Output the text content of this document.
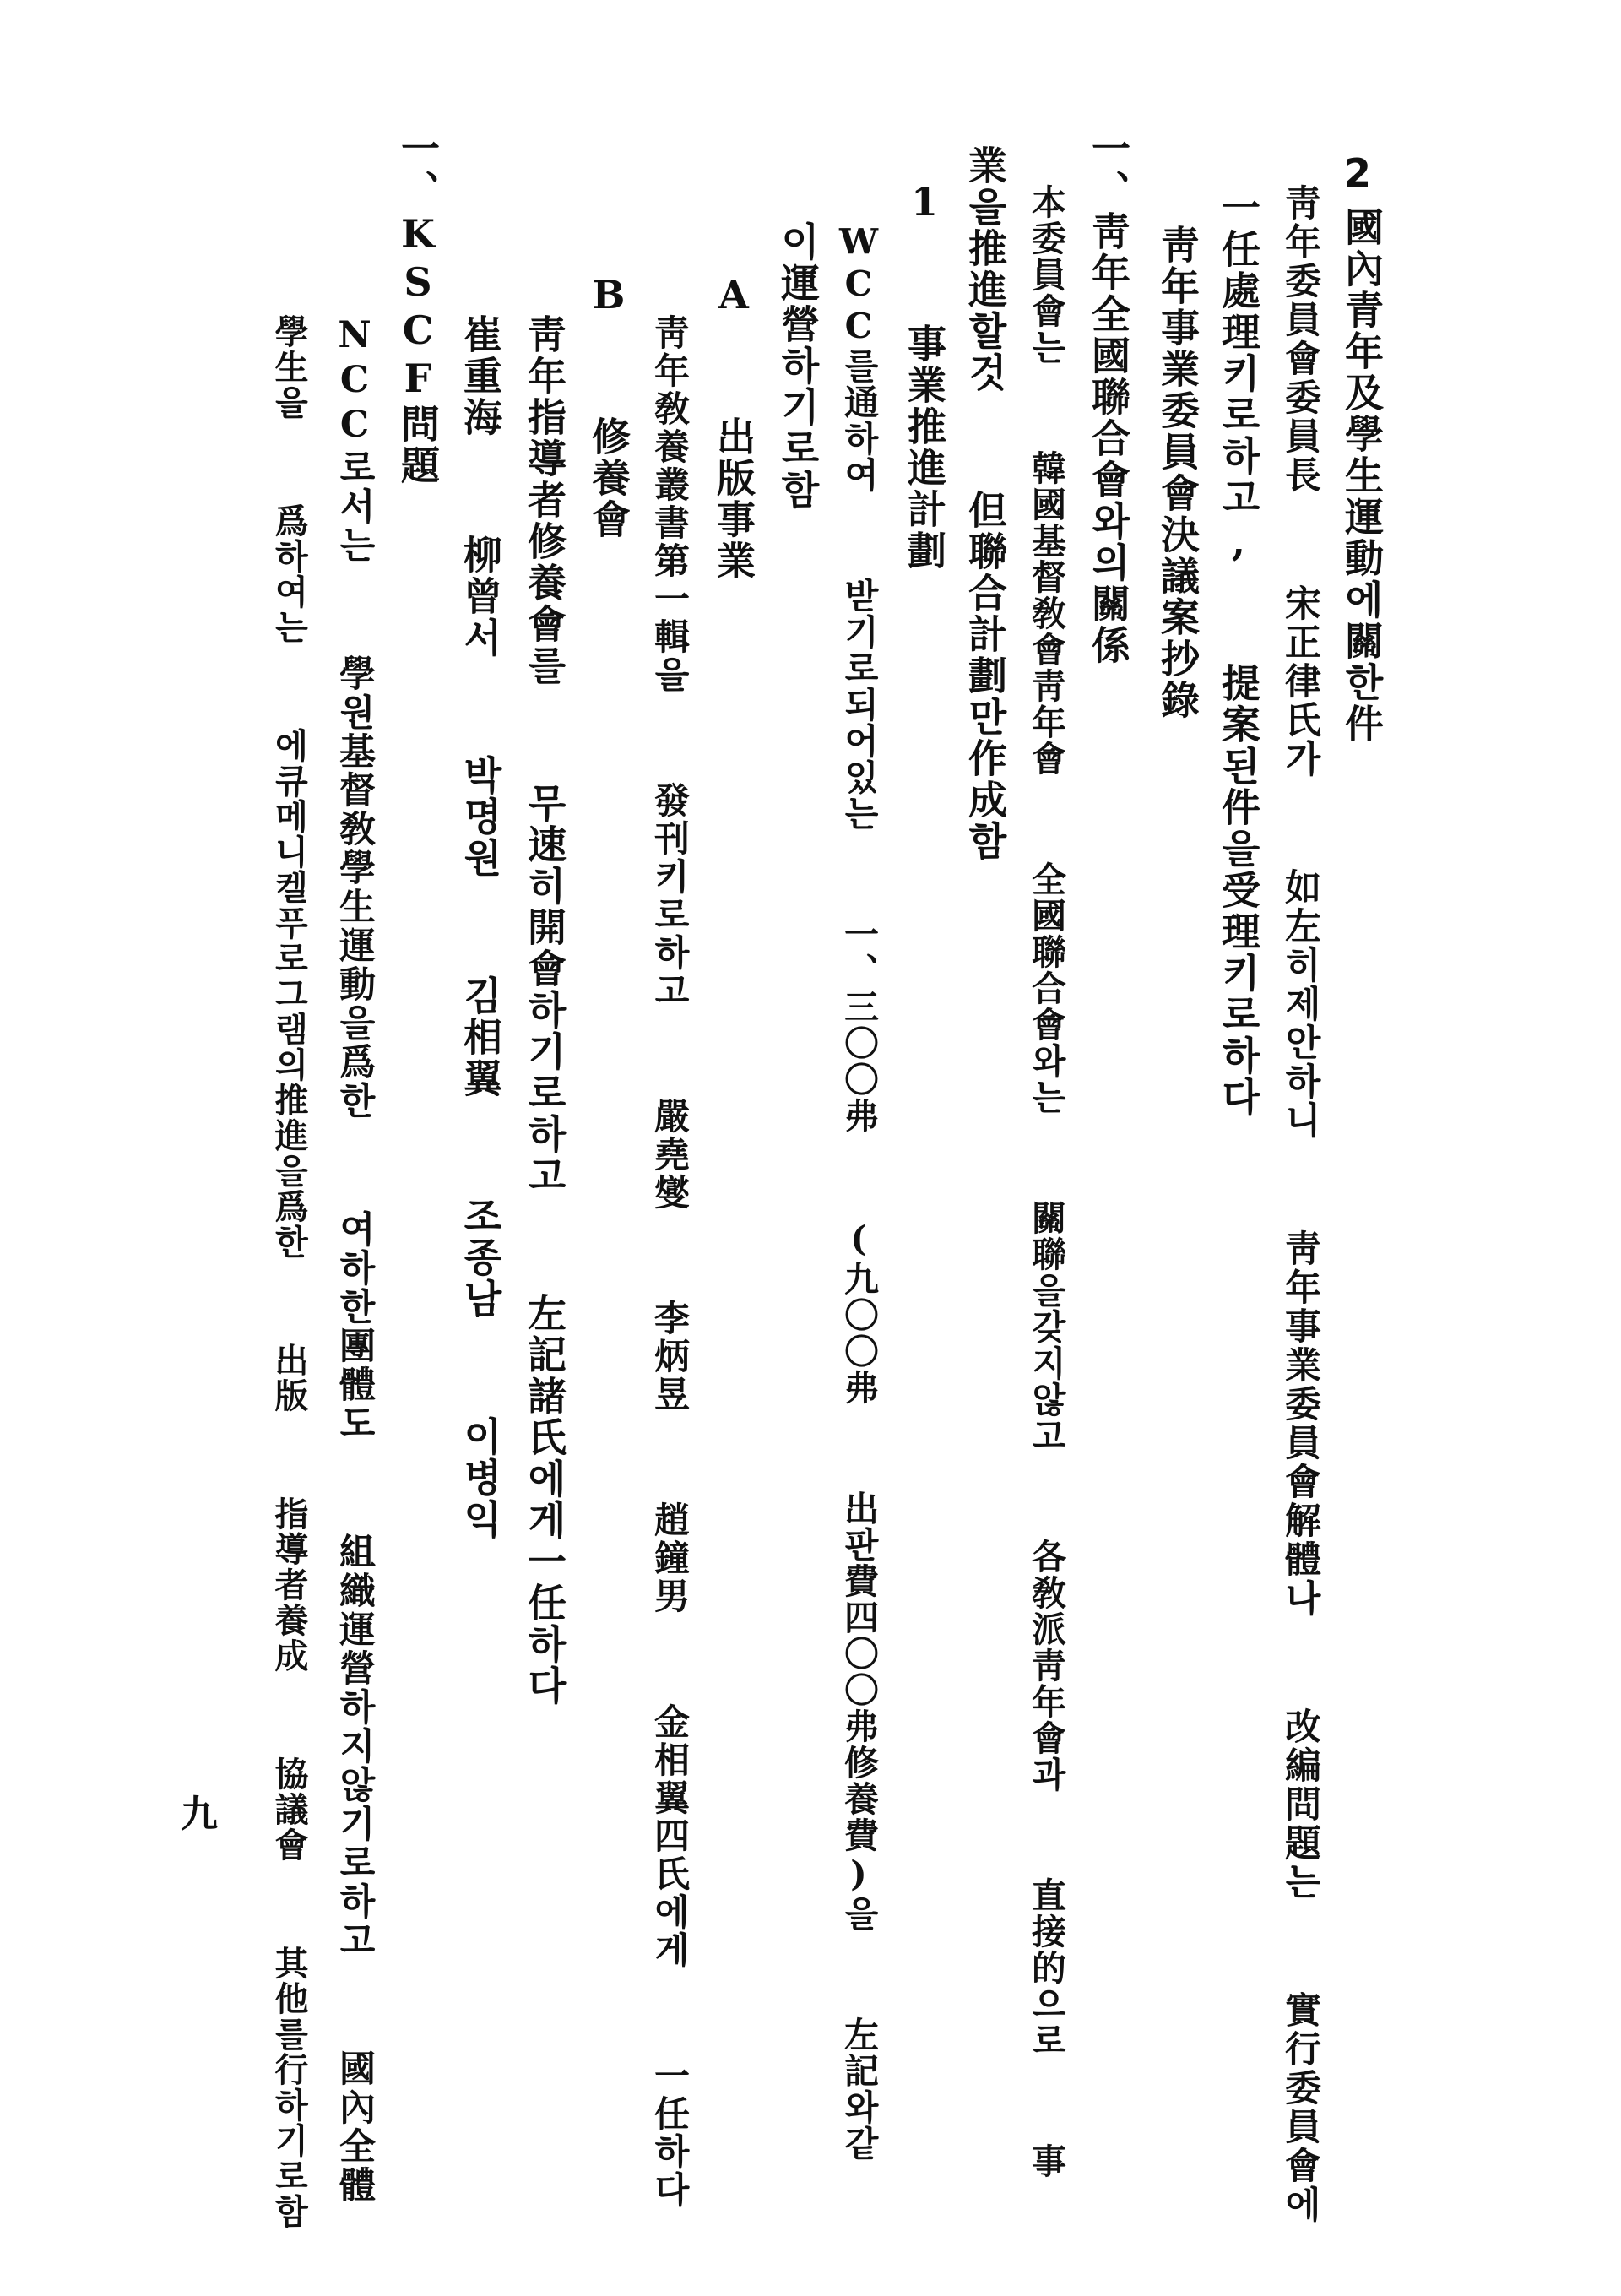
2
國內青年及學生運動에關한件
靑年委員會委員長  宋正律氏가  如左히제안하니  靑年事業委員會解體나  改編問題는  實行委員會에
一任處理키로하고,  提案된件을受理키로하다
靑年事業委員會決議案抄錄
一、靑年全國聯合會와의關係
本委員會는  韓國基督敎會靑年會  全國聯合會와는  關聯을갖지않고  各敎派靑年會과  直接的으로  事
業을推進할것  但聯合計劃만作成함
1  事業推進計劃
WCC를通하여  받기로되어있는  一、三〇〇弗  (九〇〇弗  出판費四〇〇弗修養費)을  左記와같
이運營하기로함
A  出版事業
靑年敎養叢書第一輯을  發刊키로하고  嚴堯燮  李炳昱  趙鐘男  金相翼四氏에게  一任하다
B  修養會
靑年指導者修養會를  무速히開會하기로하고  左記諸氏에게一任하다
崔重海  柳曾서  박명원  김相翼  조종남  이병익
一、KSCF問題
NCC로서는  學원基督敎學生運動을爲한  여하한團體도  組織運營하지않기로하고  國內全體
學生을  爲하여는  에큐메니켈푸로그램의推進을爲한  出版  指導者養成  協議會  其他를行하기로함
九
